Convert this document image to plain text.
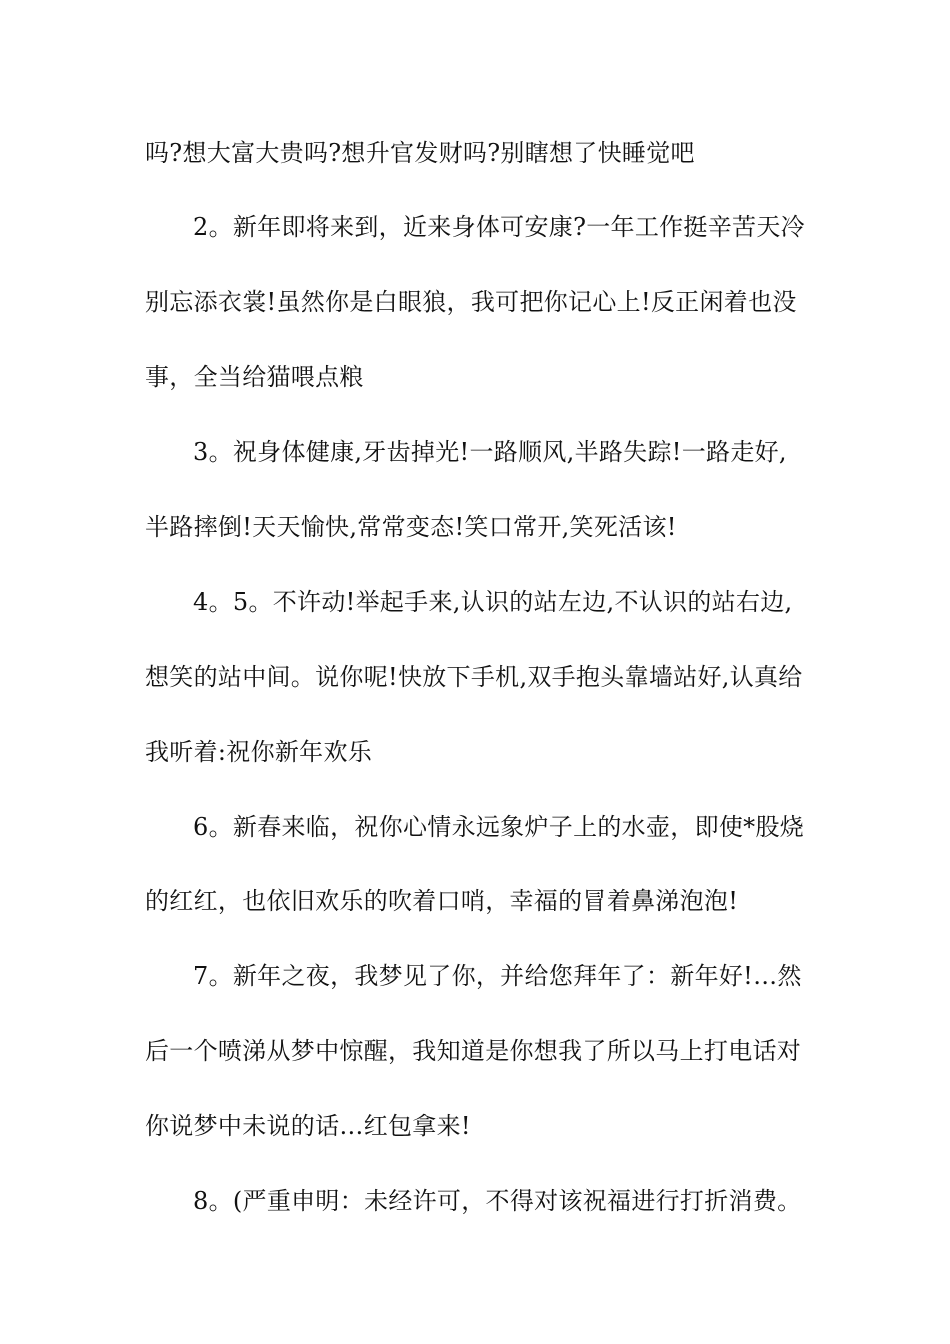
吗?想大富大贵吗?想升官发财吗?别瞎想了快睡觉吧
2。新年即将来到，近来身体可安康?一年工作挺辛苦天冷
别忘添衣裳!虽然你是白眼狼，我可把你记心上!反正闲着也没
事，全当给猫喂点粮
3。祝身体健康,牙齿掉光!一路顺风,半路失踪!一路走好,
半路摔倒!天天愉快,常常变态!笑口常开,笑死活该!
4。5。不许动!举起手来,认识的站左边,不认识的站右边,
想笑的站中间。说你呢!快放下手机,双手抱头靠墙站好,认真给
我听着:祝你新年欢乐
6。新春来临，祝你心情永远象炉子上的水壶，即使*股烧
的红红，也依旧欢乐的吹着口哨，幸福的冒着鼻涕泡泡!
7。新年之夜，我梦见了你，并给您拜年了：新年好!…然
后一个喷涕从梦中惊醒，我知道是你想我了所以马上打电话对
你说梦中未说的话…红包拿来!
8。(严重申明：未经许可，不得对该祝福进行打折消费。
